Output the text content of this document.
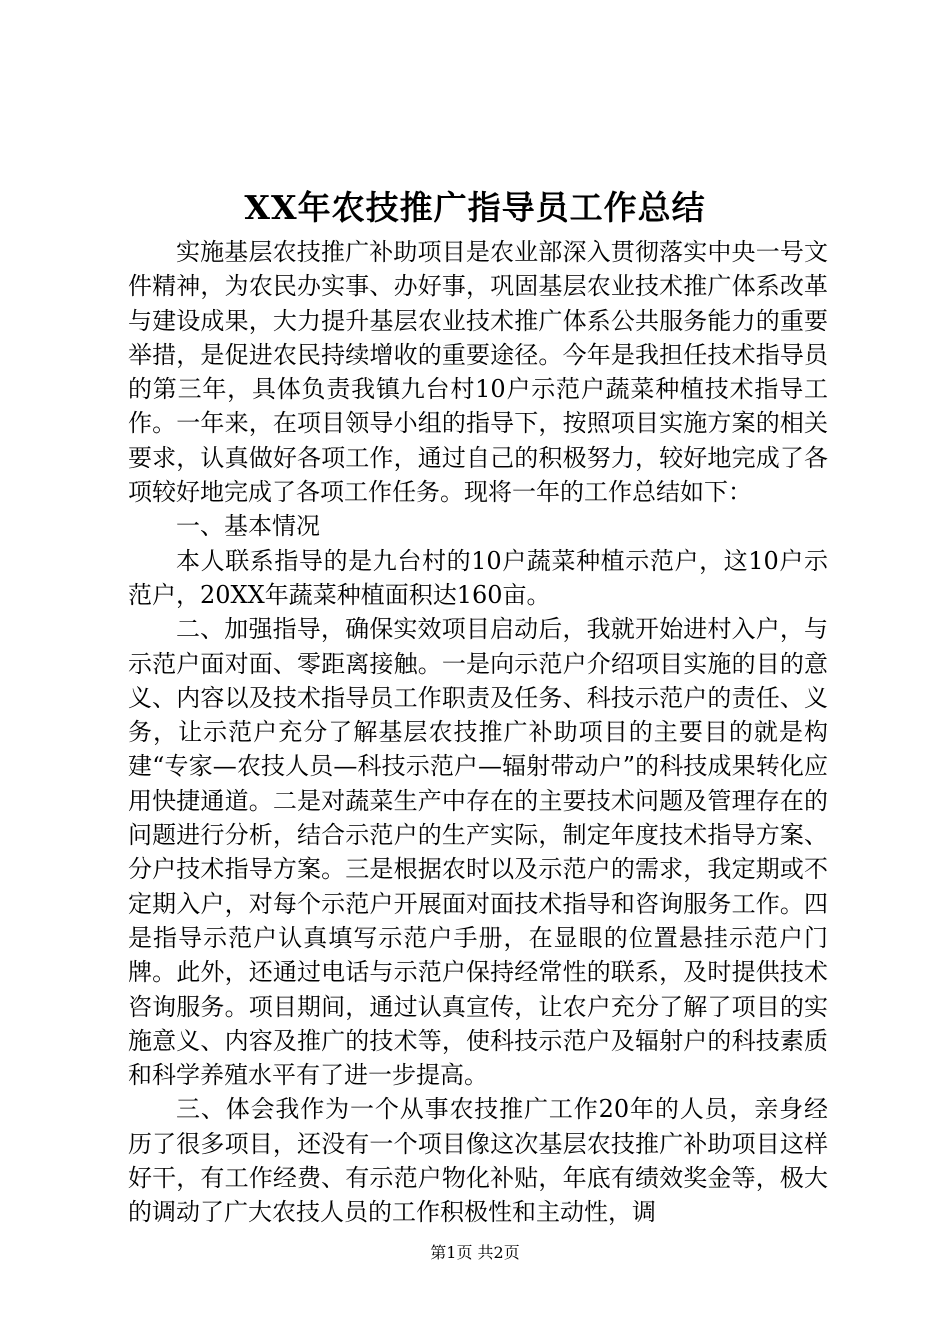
XX年农技推广指导员工作总结

实施基层农技推广补助项目是农业部深入贯彻落实中央一号文件精神，为农民办实事、办好事，巩固基层农业技术推广体系改革与建设成果，大力提升基层农业技术推广体系公共服务能力的重要举措，是促进农民持续增收的重要途径。今年是我担任技术指导员的第三年，具体负责我镇九台村10户示范户蔬菜种植技术指导工作。一年来，在项目领导小组的指导下，按照项目实施方案的相关要求，认真做好各项工作，通过自己的积极努力，较好地完成了各项较好地完成了各项工作任务。现将一年的工作总结如下：

一、基本情况

本人联系指导的是九台村的10户蔬菜种植示范户，这10户示范户，20XX年蔬菜种植面积达160亩。

二、加强指导，确保实效项目启动后，我就开始进村入户，与示范户面对面、零距离接触。一是向示范户介绍项目实施的目的意义、内容以及技术指导员工作职责及任务、科技示范户的责任、义务，让示范户充分了解基层农技推广补助项目的主要目的就是构建“专家—农技人员—科技示范户—辐射带动户”的科技成果转化应用快捷通道。二是对蔬菜生产中存在的主要技术问题及管理存在的问题进行分析，结合示范户的生产实际，制定年度技术指导方案、分户技术指导方案。三是根据农时以及示范户的需求，我定期或不定期入户，对每个示范户开展面对面技术指导和咨询服务工作。四是指导示范户认真填写示范户手册，在显眼的位置悬挂示范户门牌。此外，还通过电话与示范户保持经常性的联系，及时提供技术咨询服务。项目期间，通过认真宣传，让农户充分了解了项目的实施意义、内容及推广的技术等，使科技示范户及辐射户的科技素质和科学养殖水平有了进一步提高。

三、体会我作为一个从事农技推广工作20年的人员，亲身经历了很多项目，还没有一个项目像这次基层农技推广补助项目这样好干，有工作经费、有示范户物化补贴，年底有绩效奖金等，极大的调动了广大农技人员的工作积极性和主动性，调

第1页 共2页
